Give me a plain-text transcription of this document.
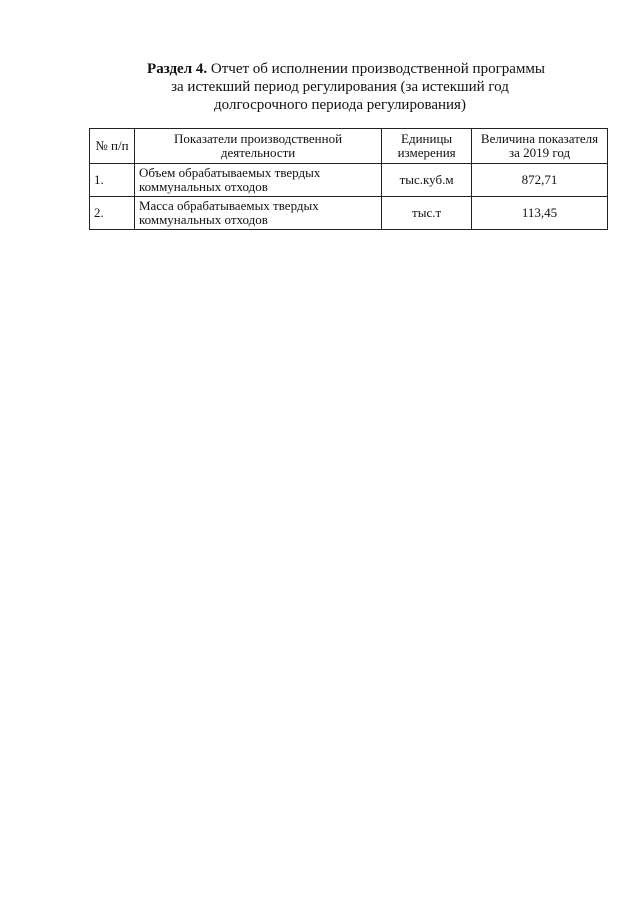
Раздел 4. Отчет об исполнении производственной программы
за истекший период регулирования (за истекший год
долгосрочного периода регулирования)
№ п/п	Показатели производственной деятельности	Единицы измерения	Величина показателя за 2019 год
1.	Объем обрабатываемых твердых коммунальных отходов	тыс.куб.м	872,71
2.	Масса обрабатываемых твердых коммунальных отходов	тыс.т	113,45
